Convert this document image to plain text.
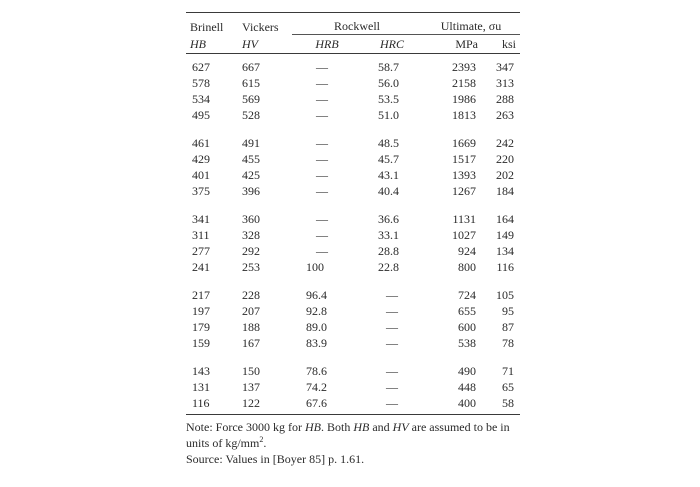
Brinell	Vickers	Rockwell		Ultimate, σu	
HB	HV	HRB	HRC	MPa	ksi
627	667	—	58.7	2393	347
578	615	—	56.0	2158	313
534	569	—	53.5	1986	288
495	528	—	51.0	1813	263
461	491	—	48.5	1669	242
429	455	—	45.7	1517	220
401	425	—	43.1	1393	202
375	396	—	40.4	1267	184
341	360	—	36.6	1131	164
311	328	—	33.1	1027	149
277	292	—	28.8	924	134
241	253	100	22.8	800	116
217	228	96.4	—	724	105
197	207	92.8	—	655	95
179	188	89.0	—	600	87
159	167	83.9	—	538	78
143	150	78.6	—	490	71
131	137	74.2	—	448	65
116	122	67.6	—	400	58

Note: Force 3000 kg for HB. Both HB and HV are assumed to be in units of $kg/mm^2$.

Source: Values in [Boyer 85] p. 1.61.
